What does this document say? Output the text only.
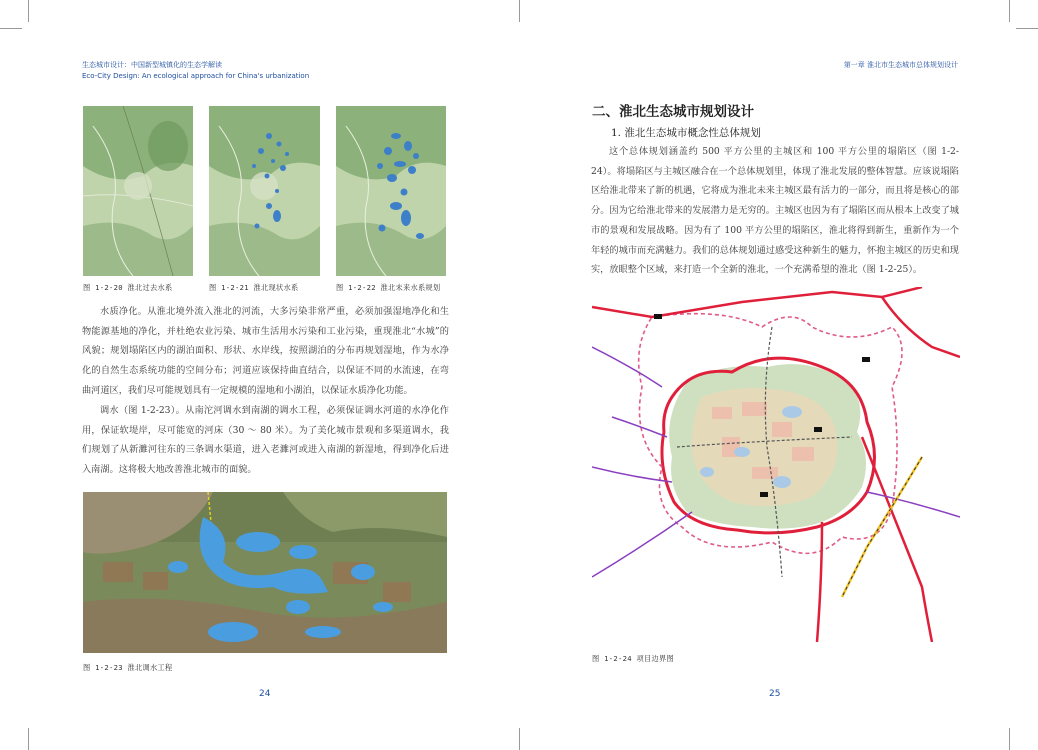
生态城市设计：中国新型城镇化的生态学解读
Eco-City Design: An ecological approach for China's urbanization
第一章 淮北市生态城市总体规划设计
图 1-2-20 淮北过去水系	图 1-2-21 淮北现状水系	图 1-2-22 淮北未来水系规划
水质净化。从淮北境外流入淮北的河流，大多污染非常严重，必须加强湿地净化和生物能源基地的净化，并杜绝农业污染、城市生活用水污染和工业污染，重现淮北“水城”的风貌；规划塌陷区内的湖泊面积、形状、水岸线，按照湖泊的分布再规划湿地，作为水净化的自然生态系统功能的空间分布；河道应该保持曲直结合，以保证不同的水流速，在弯曲河道区，我们尽可能规划具有一定规模的湿地和小湖泊，以保证水质净化功能。
调水（图 1-2-23）。从南沱河调水到南湖的调水工程，必须保证调水河道的水净化作用，保证软堤岸，尽可能宽的河床（30 ～ 80 米）。为了美化城市景观和多渠道调水，我们规划了从新濉河往东的三条调水渠道，进入老濉河或进入南湖的新湿地，得到净化后进入南湖。这将极大地改善淮北城市的面貌。
图 1-2-23 淮北调水工程
24
二、淮北生态城市规划设计
1. 淮北生态城市概念性总体规划
这个总体规划涵盖约 500 平方公里的主城区和 100 平方公里的塌陷区（图 1-2-24）。将塌陷区与主城区融合在一个总体规划里，体现了淮北发展的整体智慧。应该说塌陷区给淮北带来了新的机遇，它将成为淮北未来主城区最有活力的一部分，而且将是核心的部分。因为它给淮北带来的发展潜力是无穷的。主城区也因为有了塌陷区而从根本上改变了城市的景观和发展战略。因为有了 100 平方公里的塌陷区，淮北将得到新生，重新作为一个年轻的城市而充满魅力。我们的总体规划通过感受这种新生的魅力，怀抱主城区的历史和现实，放眼整个区域，来打造一个全新的淮北，一个充满希望的淮北（图 1-2-25）。
图 1-2-24 项目边界图
25
